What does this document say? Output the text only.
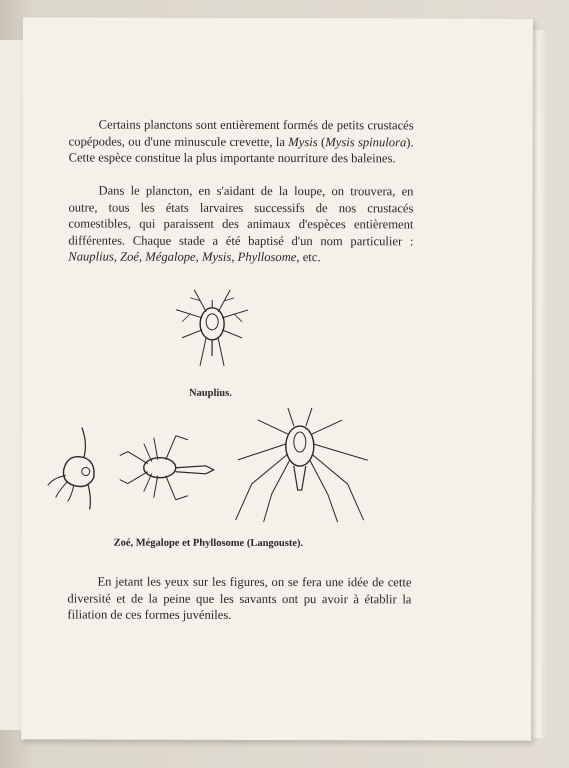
Certains planctons sont entièrement formés de petits crustacés copépodes, ou d'une minuscule crevette, la Mysis (Mysis spinulora). Cette espèce constitue la plus importante nourriture des baleines.

Dans le plancton, en s'aidant de la loupe, on trouvera, en outre, tous les états larvaires successifs de nos crustacés comestibles, qui paraissent des animaux d'espèces entièrement différentes. Chaque stade a été baptisé d'un nom particulier : Nauplius, Zoé, Mégalope, Mysis, Phyllosome, etc.

Nauplius.
Zoé, Mégalope et Phyllosome (Langouste).

En jetant les yeux sur les figures, on se fera une idée de cette diversité et de la peine que les savants ont pu avoir à établir la filiation de ces formes juvéniles.
